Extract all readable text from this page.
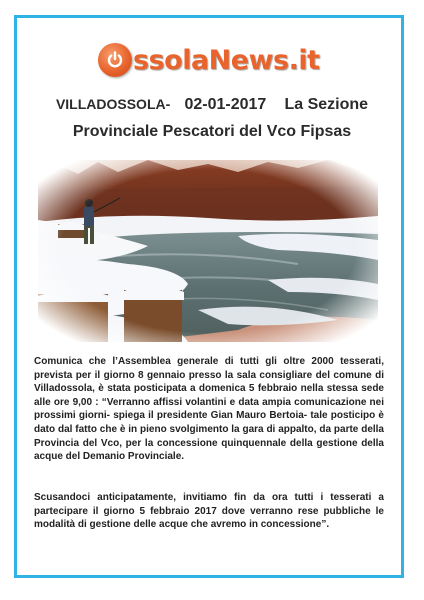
ssolaNews.it
VILLADOSSOLA- 02-01-2017 La Sezione
Provinciale Pescatori del Vco Fipsas

Comunica che l’Assemblea generale di tutti gli oltre 2000 tesserati, prevista per il giorno 8 gennaio presso la sala consigliare del comune di Villadossola, è stata posticipata a domenica 5 febbraio nella stessa sede alle ore 9,00 : “Verranno affissi volantini e data ampia comunicazione nei prossimi giorni- spiega il presidente Gian Mauro Bertoia- tale posticipo è dato dal fatto che è in pieno svolgimento la gara di appalto, da parte della Provincia del Vco, per la concessione quinquennale della gestione della acque del Demanio Provinciale.

Scusandoci anticipatamente, invitiamo fin da ora tutti i tesserati a partecipare il giorno 5 febbraio 2017 dove verranno rese pubbliche le modalità di gestione delle acque che avremo in concessione”.
